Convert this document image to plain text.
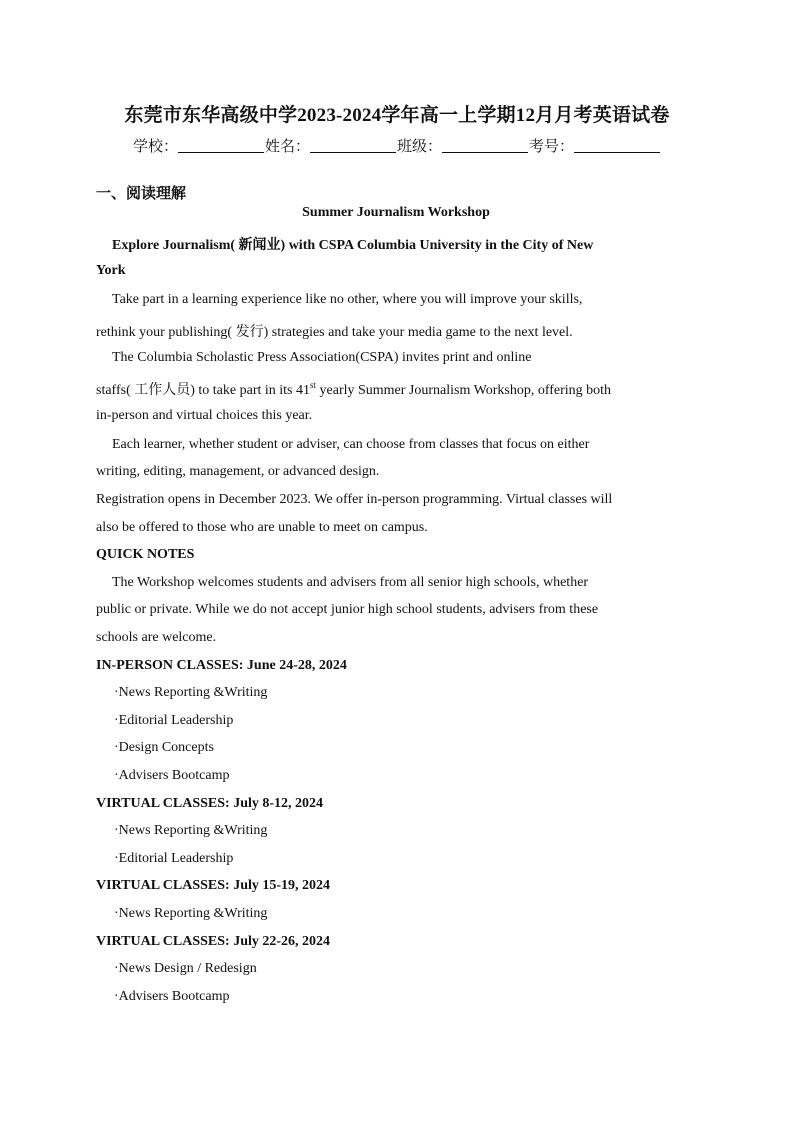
东莞市东华高级中学2023-2024学年高一上学期12月月考英语试卷
学校：	姓名：	班级：	考号：
一、阅读理解
Summer Journalism Workshop
Explore Journalism( 新闻业) with CSPA Columbia University in the City of New
York
Take part in a learning experience like no other, where you will improve your skills,
rethink your publishing( 发行) strategies and take your media game to the next level.
The Columbia Scholastic Press Association(CSPA) invites print and online
staffs( 工作人员) to take part in its 41st yearly Summer Journalism Workshop, offering both
in-person and virtual choices this year.
Each learner, whether student or adviser, can choose from classes that focus on either
writing, editing, management, or advanced design.
Registration opens in December 2023. We offer in-person programming. Virtual classes will
also be offered to those who are unable to meet on campus.
QUICK NOTES
The Workshop welcomes students and advisers from all senior high schools, whether
public or private. While we do not accept junior high school students, advisers from these
schools are welcome.
IN-PERSON CLASSES: June 24-28, 2024
·News Reporting &Writing
·Editorial Leadership
·Design Concepts
·Advisers Bootcamp
VIRTUAL CLASSES: July 8-12, 2024
·News Reporting &Writing
·Editorial Leadership
VIRTUAL CLASSES: July 15-19, 2024
·News Reporting &Writing
VIRTUAL CLASSES: July 22-26, 2024
·News Design / Redesign
·Advisers Bootcamp
